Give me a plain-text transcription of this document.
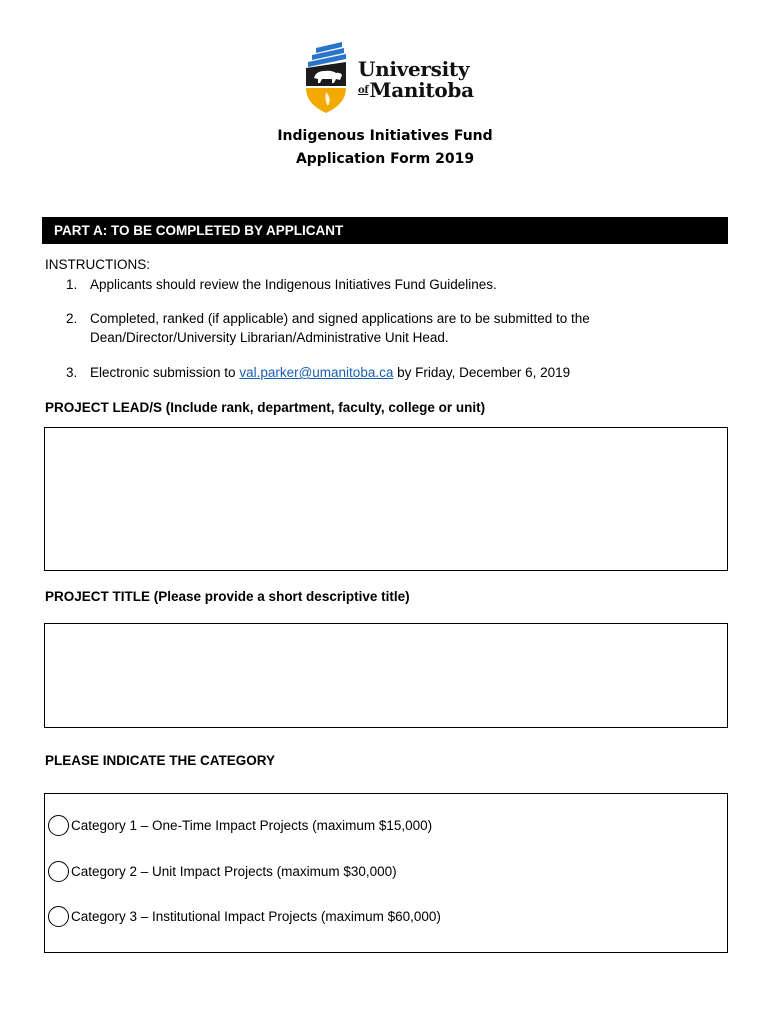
University
$^{of}$Manitoba
Indigenous Initiatives Fund
Application Form 2019
PART A: TO BE COMPLETED BY APPLICANT
INSTRUCTIONS:
1. Applicants should review the Indigenous Initiatives Fund Guidelines.
2. Completed, ranked (if applicable) and signed applications are to be submitted to the Dean/Director/University Librarian/Administrative Unit Head.
3. Electronic submission to val.parker@umanitoba.ca by Friday, December 6, 2019
PROJECT LEAD/S (Include rank, department, faculty, college or unit)
PROJECT TITLE (Please provide a short descriptive title)
PLEASE INDICATE THE CATEGORY
Category 1 – One-Time Impact Projects (maximum $15,000)
Category 2 – Unit Impact Projects (maximum $30,000)
Category 3 – Institutional Impact Projects (maximum $60,000)
